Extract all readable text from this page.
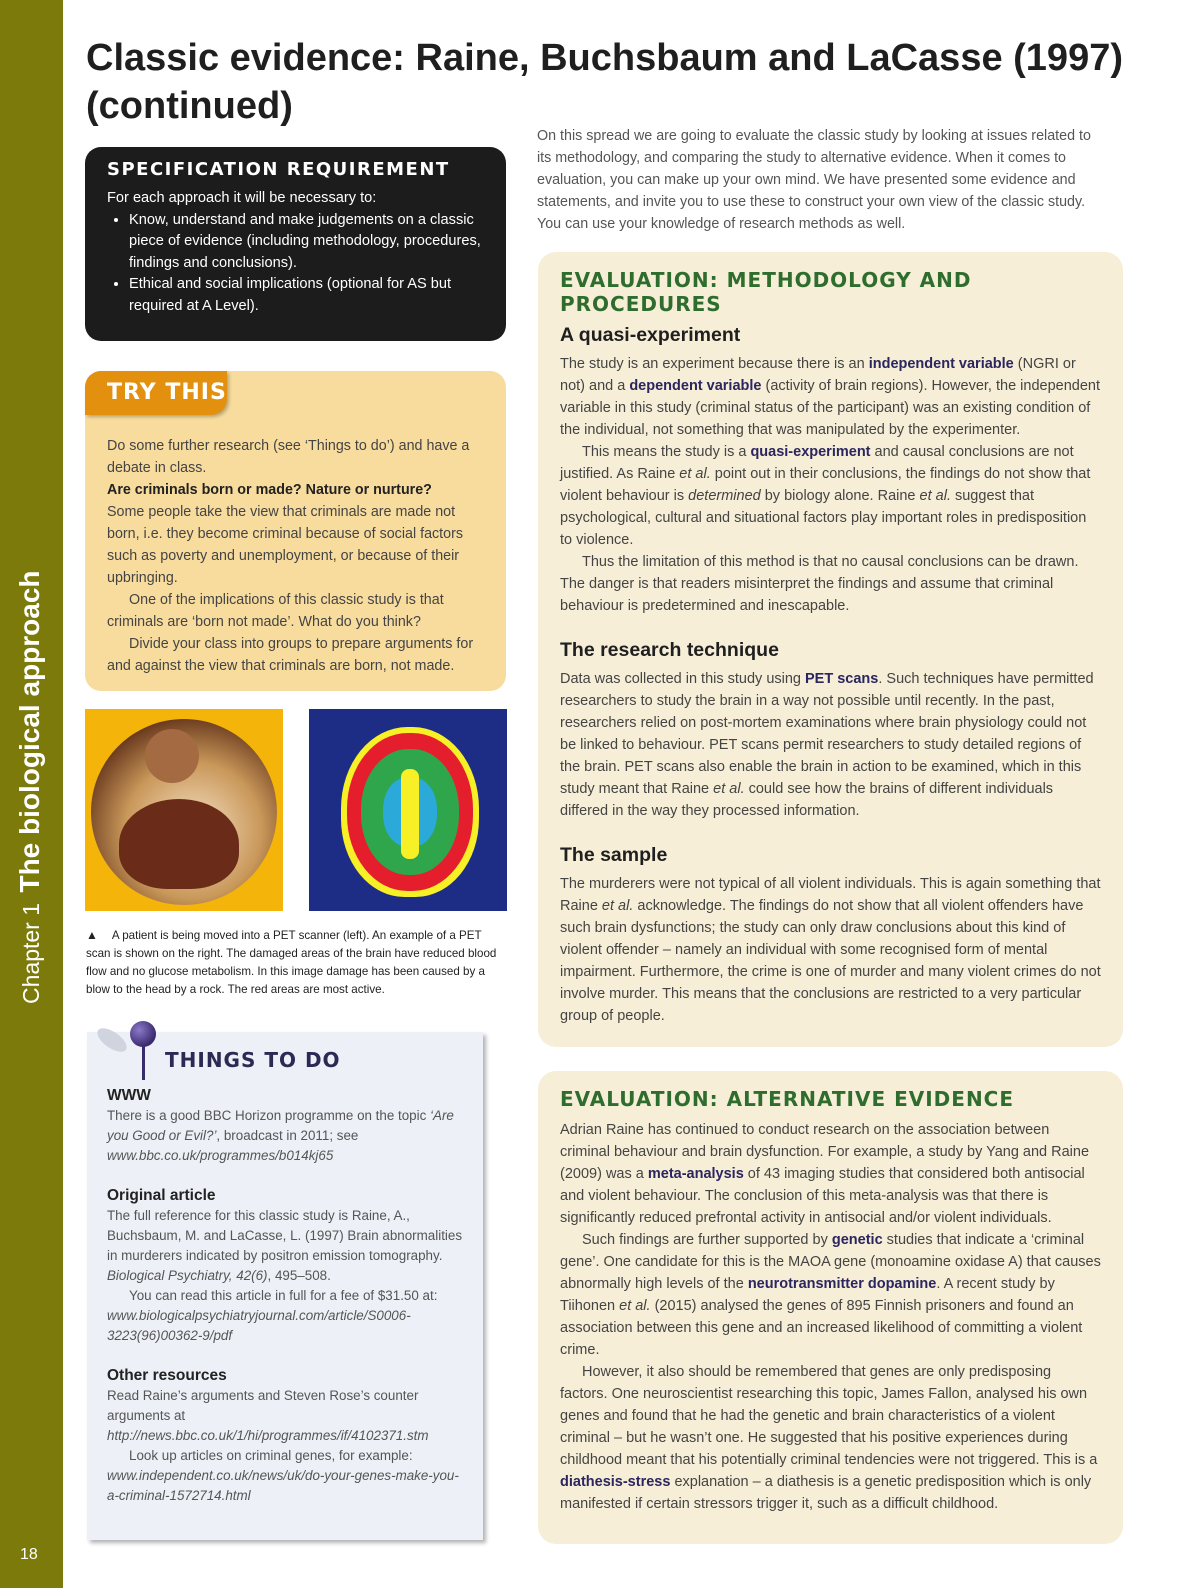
Chapter 1 The biological approach
18
Classic evidence: Raine, Buchsbaum and LaCasse (1997) (continued)

On this spread we are going to evaluate the classic study by looking at issues related to its methodology, and comparing the study to alternative evidence. When it comes to evaluation, you can make up your own mind. We have presented some evidence and statements, and invite you to use these to construct your own view of the classic study. You can use your knowledge of research methods as well.

SPECIFICATION REQUIREMENT

For each approach it will be necessary to:

• Know, understand and make judgements on a classic piece of evidence (including methodology, procedures, findings and conclusions).
• Ethical and social implications (optional for AS but required at A Level).
TRY THIS

Do some further research (see ‘Things to do’) and have a debate in class.

Are criminals born or made? Nature or nurture?

Some people take the view that criminals are made not born, i.e. they become criminal because of social factors such as poverty and unemployment, or because of their upbringing.

One of the implications of this classic study is that criminals are ‘born not made’. What do you think?

Divide your class into groups to prepare arguments for and against the view that criminals are born, not made.

▲ A patient is being moved into a PET scanner (left). An example of a PET scan is shown on the right. The damaged areas of the brain have reduced blood flow and no glucose metabolism. In this image damage has been caused by a blow to the head by a rock. The red areas are most active.

THINGS TO DO
WWW

There is a good BBC Horizon programme on the topic ‘Are you Good or Evil?’, broadcast in 2011; see www.bbc.co.uk/programmes/b014kj65

Original article

The full reference for this classic study is Raine, A., Buchsbaum, M. and LaCasse, L. (1997) Brain abnormalities in murderers indicated by positron emission tomography. Biological Psychiatry, 42(6), 495–508.

You can read this article in full for a fee of $31.50 at: www.biologicalpsychiatryjournal.com/article/S0006-3223(96)00362-9/pdf

Other resources

Read Raine’s arguments and Steven Rose’s counter arguments at http://news.bbc.co.uk/1/hi/programmes/if/4102371.stm

Look up articles on criminal genes, for example: www.independent.co.uk/news/uk/do-your-genes-make-you-a-criminal-1572714.html

EVALUATION: METHODOLOGY AND PROCEDURES
A quasi-experiment

The study is an experiment because there is an independent variable (NGRI or not) and a dependent variable (activity of brain regions). However, the independent variable in this study (criminal status of the participant) was an existing condition of the individual, not something that was manipulated by the experimenter.

This means the study is a quasi-experiment and causal conclusions are not justified. As Raine et al. point out in their conclusions, the findings do not show that violent behaviour is determined by biology alone. Raine et al. suggest that psychological, cultural and situational factors play important roles in predisposition to violence.

Thus the limitation of this method is that no causal conclusions can be drawn. The danger is that readers misinterpret the findings and assume that criminal behaviour is predetermined and inescapable.

The research technique

Data was collected in this study using PET scans. Such techniques have permitted researchers to study the brain in a way not possible until recently. In the past, researchers relied on post-mortem examinations where brain physiology could not be linked to behaviour. PET scans permit researchers to study detailed regions of the brain. PET scans also enable the brain in action to be examined, which in this study meant that Raine et al. could see how the brains of different individuals differed in the way they processed information.

The sample

The murderers were not typical of all violent individuals. This is again something that Raine et al. acknowledge. The findings do not show that all violent offenders have such brain dysfunctions; the study can only draw conclusions about this kind of violent offender – namely an individual with some recognised form of mental impairment. Furthermore, the crime is one of murder and many violent crimes do not involve murder. This means that the conclusions are restricted to a very particular group of people.

EVALUATION: ALTERNATIVE EVIDENCE

Adrian Raine has continued to conduct research on the association between criminal behaviour and brain dysfunction. For example, a study by Yang and Raine (2009) was a meta-analysis of 43 imaging studies that considered both antisocial and violent behaviour. The conclusion of this meta-analysis was that there is significantly reduced prefrontal activity in antisocial and/or violent individuals.

Such findings are further supported by genetic studies that indicate a ‘criminal gene’. One candidate for this is the MAOA gene (monoamine oxidase A) that causes abnormally high levels of the neurotransmitter dopamine. A recent study by Tiihonen et al. (2015) analysed the genes of 895 Finnish prisoners and found an association between this gene and an increased likelihood of committing a violent crime.

However, it also should be remembered that genes are only predisposing factors. One neuroscientist researching this topic, James Fallon, analysed his own genes and found that he had the genetic and brain characteristics of a violent criminal – but he wasn’t one. He suggested that his positive experiences during childhood meant that his potentially criminal tendencies were not triggered. This is a diathesis-stress explanation – a diathesis is a genetic predisposition which is only manifested if certain stressors trigger it, such as a difficult childhood.
